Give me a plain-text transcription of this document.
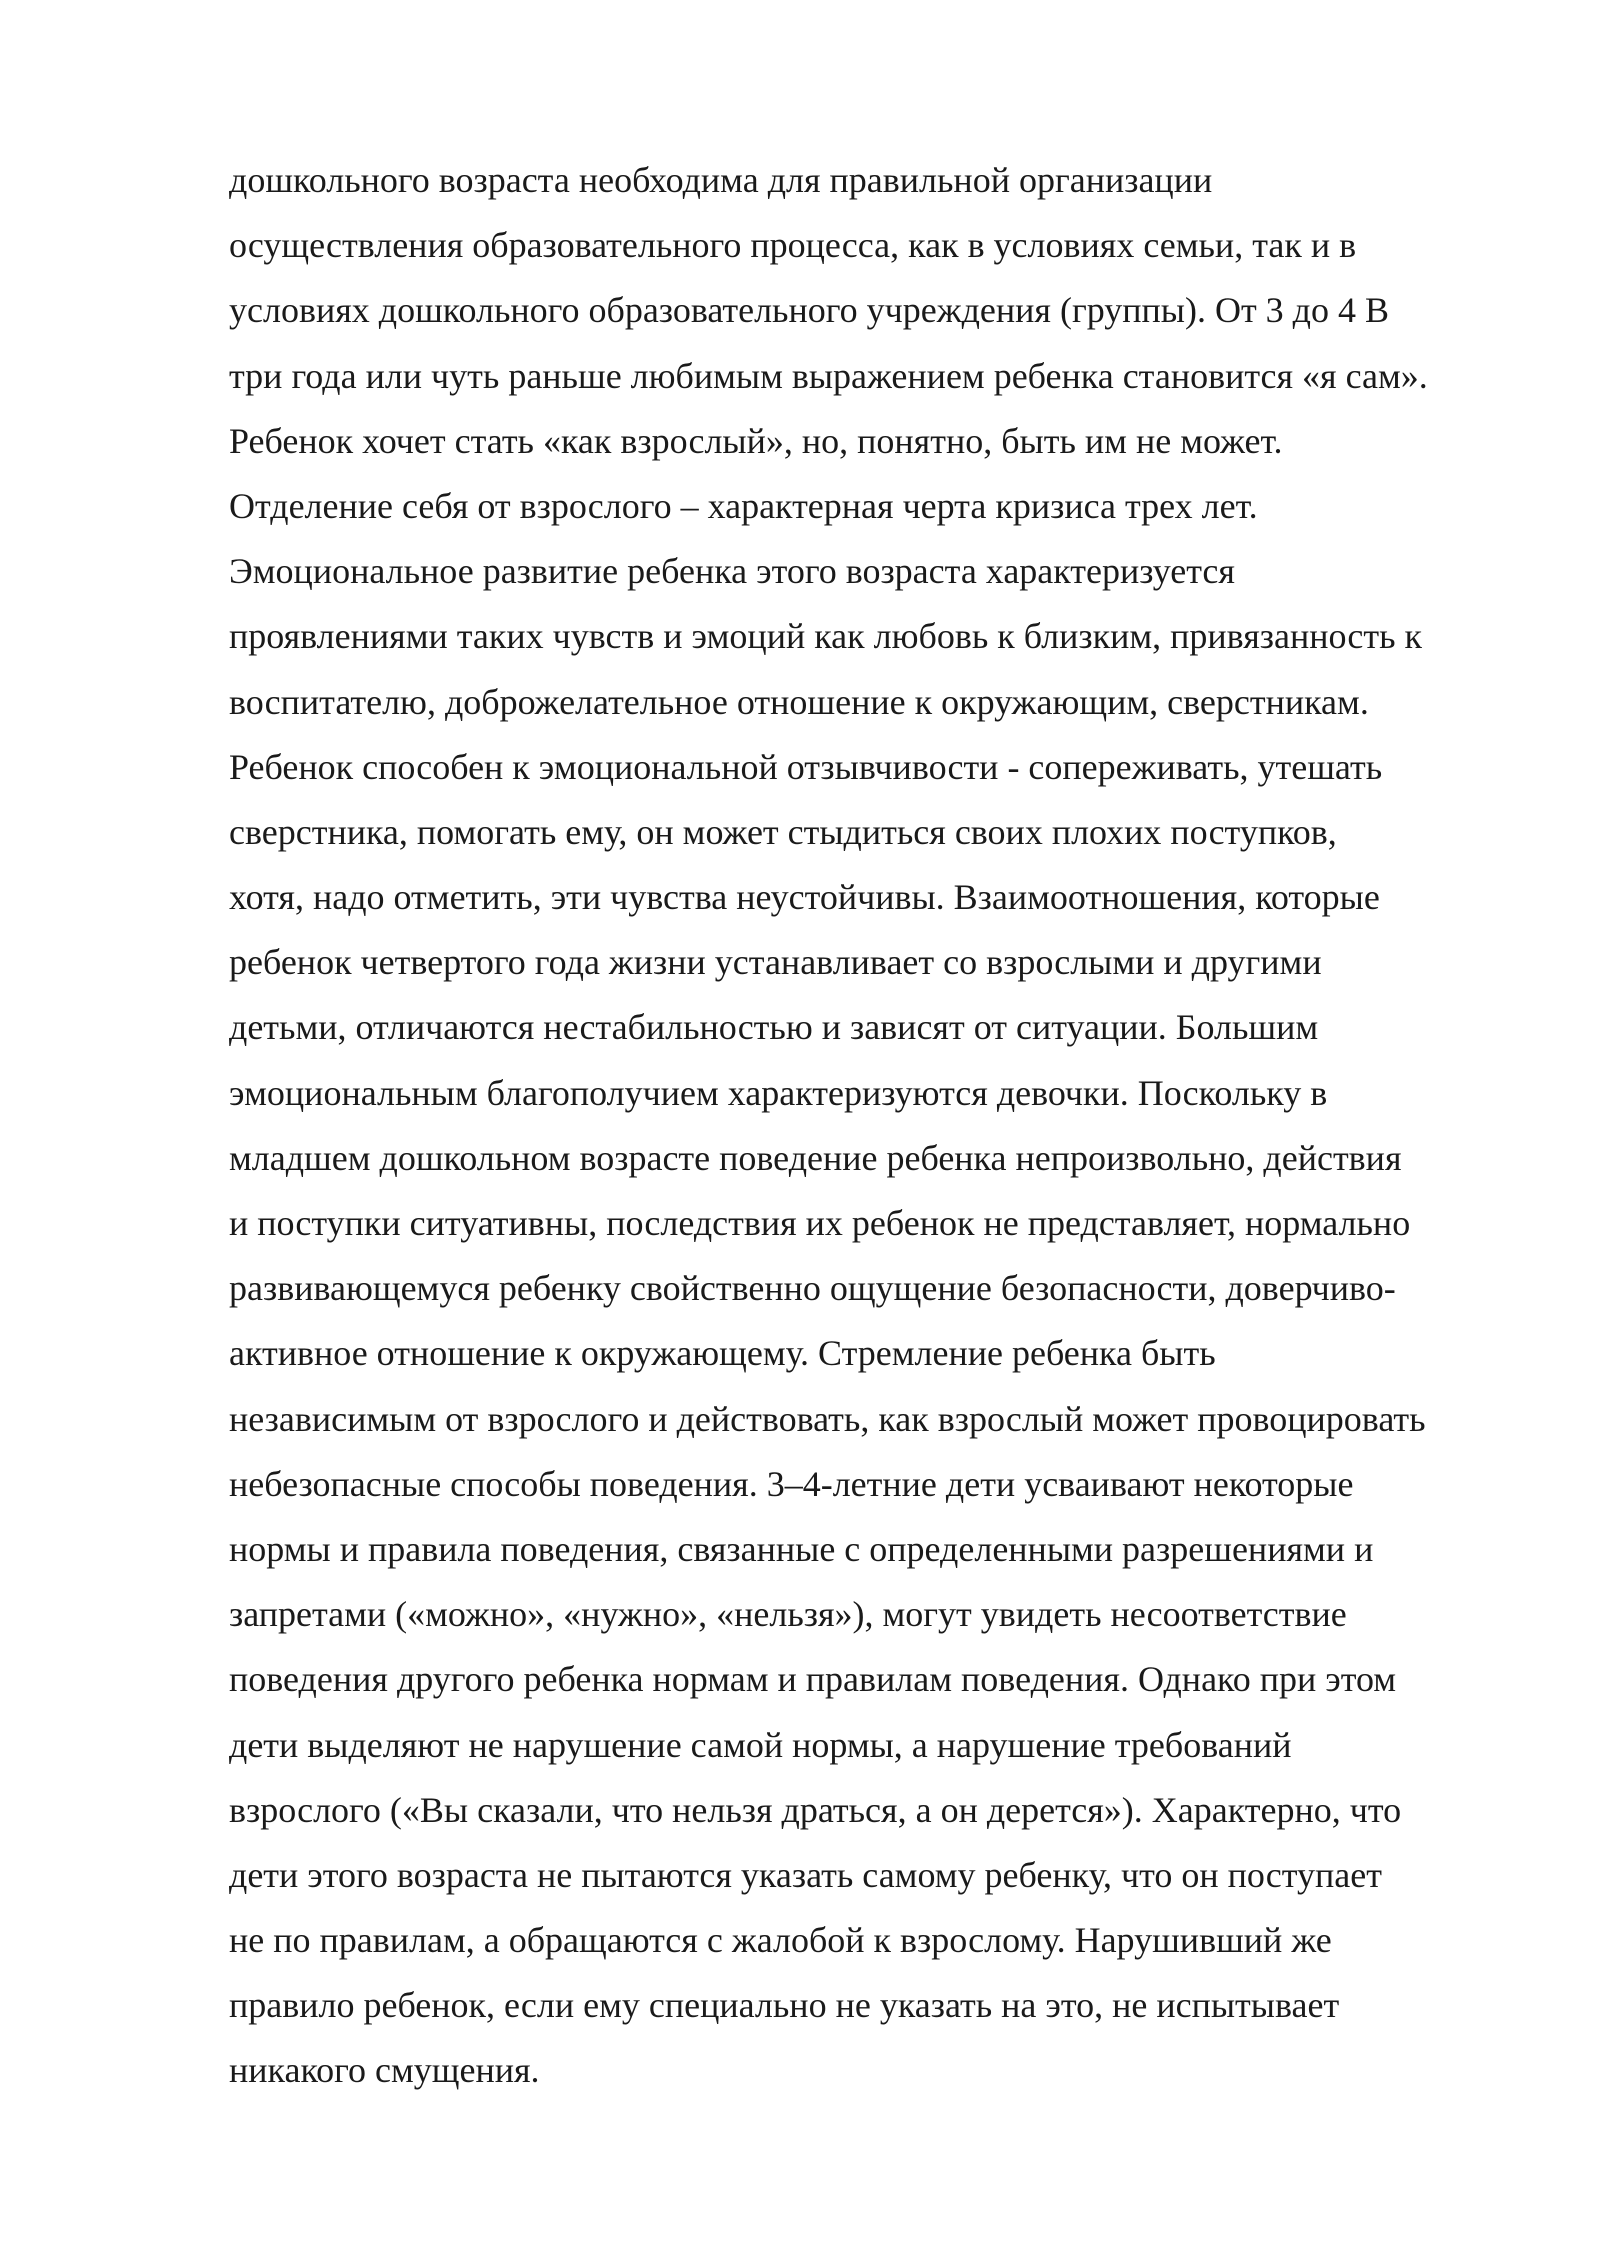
дошкольного возраста необходима для правильной организации
осуществления образовательного процесса, как в условиях семьи, так и в
условиях дошкольного образовательного учреждения (группы). От 3 до 4 В
три года или чуть раньше любимым выражением ребенка становится «я сам».
Ребенок хочет стать «как взрослый», но, понятно, быть им не может.
Отделение себя от взрослого – характерная черта кризиса трех лет.
Эмоциональное развитие ребенка этого возраста характеризуется
проявлениями таких чувств и эмоций как любовь к близким, привязанность к
воспитателю, доброжелательное отношение к окружающим, сверстникам.
Ребенок способен к эмоциональной отзывчивости - сопереживать, утешать
сверстника, помогать ему, он может стыдиться своих плохих поступков,
хотя, надо отметить, эти чувства неустойчивы. Взаимоотношения, которые
ребенок четвертого года жизни устанавливает со взрослыми и другими
детьми, отличаются нестабильностью и зависят от ситуации. Большим
эмоциональным благополучием характеризуются девочки. Поскольку в
младшем дошкольном возрасте поведение ребенка непроизвольно, действия
и поступки ситуативны, последствия их ребенок не представляет, нормально
развивающемуся ребенку свойственно ощущение безопасности, доверчиво-
активное отношение к окружающему. Стремление ребенка быть
независимым от взрослого и действовать, как взрослый может провоцировать
небезопасные способы поведения. 3–4-летние дети усваивают некоторые
нормы и правила поведения, связанные с определенными разрешениями и
запретами («можно», «нужно», «нельзя»), могут увидеть несоответствие
поведения другого ребенка нормам и правилам поведения. Однако при этом
дети выделяют не нарушение самой нормы, а нарушение требований
взрослого («Вы сказали, что нельзя драться, а он дерется»). Характерно, что
дети этого возраста не пытаются указать самому ребенку, что он поступает
не по правилам, а обращаются с жалобой к взрослому. Нарушивший же
правило ребенок, если ему специально не указать на это, не испытывает
никакого смущения.
